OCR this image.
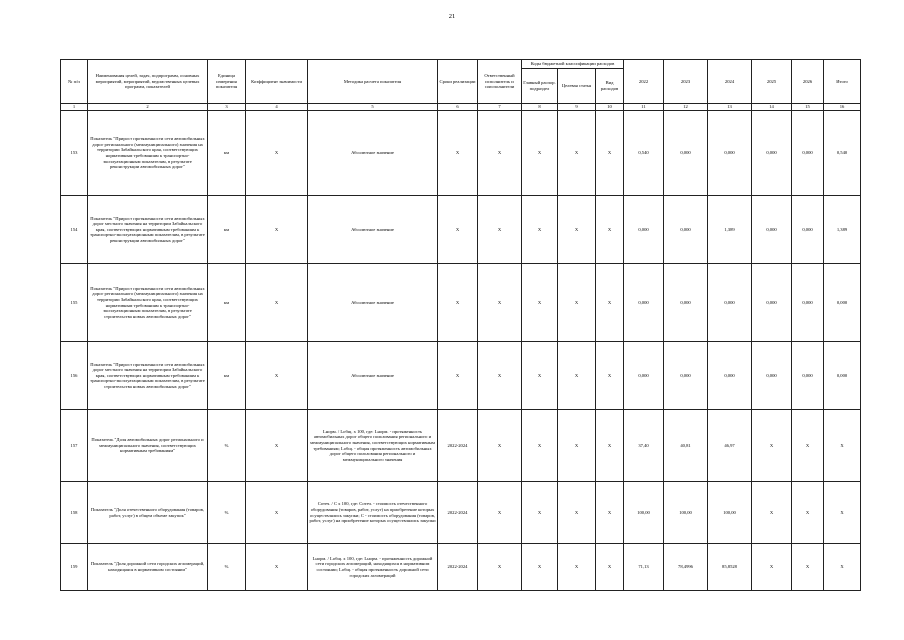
21
№ п/п	Наименования целей, задач, подпрограмм, основных мероприятий, мероприятий, ведомственных целевых программ, показателей	Единица измерения показателя	Коэффициент значимости	Методика расчета показателя	Сроки реализации	Ответственный исполнитель и соисполнители	Коды бюджетной классификации расходов			2022	2023	2024	2025	2026	Итого
							Главный распор. подраздел	Целевая статья	Вид расходов						
1	2	3	4	5	6	7	8	9	10	11	12	13	14	15	16
153	Показатель "Прирост протяженности сети автомобильных дорог регионального (межмуниципального) значения на территории Забайкальского края, соответствующих нормативным требованиям к транспортно-эксплуатационным показателям, в результате реконструкции автомобильных дорог"	км	Х	Абсолютное значение	Х	Х	Х	Х	Х	0,540	0,000	0,000	0,000	0,000	0,540
154	Показатель "Прирост протяженности сети автомобильных дорог местного значения на территории Забайкальского края, соответствующих нормативным требованиям к транспортно-эксплуатационным показателям, в результате реконструкции автомобильных дорог"	км	Х	Абсолютное значение	Х	Х	Х	Х	Х	0,000	0,000	1,389	0,000	0,000	1,389
155	Показатель "Прирост протяженности сети автомобильных дорог регионального (межмуниципального) значения на территории Забайкальского края, соответствующих нормативным требованиям к транспортно-эксплуатационным показателям, в результате строительства новых автомобильных дорог"	км	Х	Абсолютное значение	Х	Х	Х	Х	Х	0,000	0,000	0,000	0,000	0,000	0,000
156	Показатель "Прирост протяженности сети автомобильных дорог местного значения на территории Забайкальского края, соответствующих нормативным требованиям к транспортно-эксплуатационным показателям, в результате строительства новых автомобильных дорог"	км	Х	Абсолютное значение	Х	Х	Х	Х	Х	0,000	0,000	0,000	0,000	0,000	0,000
157	Показатель "Доля автомобильных дорог регионального и межмуниципального значения, соответствующих нормативным требованиям"	%	Х	Lнорм. / Lобщ. х 100, где: Lнорм. - протяженность автомобильных дорог общего пользования регионального и межмуниципального значения, соответствующих нормативным требованиям; Lобщ. - общая протяженность автомобильных дорог общего пользования регионального и межмуниципального значения	2022-2024	Х	Х	Х	Х	37,40	40,81	46,97	Х	Х	Х
158	Показатель "Доля отечественного оборудования (товаров, работ, услуг) в общем объеме закупок"	%	Х	Cотеч. / C х 100, где: Cотеч. - стоимость отечественного оборудования (товаров, работ, услуг) на приобретение которых осуществлялись закупки; C - стоимость оборудования (товаров, работ, услуг) на приобретение которых осуществлялись закупки	2022-2024	Х	Х	Х	Х	100,00	100,00	100,00	Х	Х	Х
159	Показатель "Доля дорожной сети городских агломераций, находящаяся в нормативном состоянии"	%	Х	Lнорм. / Lобщ. х 100, где: Lнорм. - протяженность дорожной сети городских агломераций, находящихся в нормативном состоянии; Lобщ. - общая протяженность дорожной сети городских агломераций	2022-2024	Х	Х	Х	Х	71,13	78,4996	85,8528	Х	Х	Х
